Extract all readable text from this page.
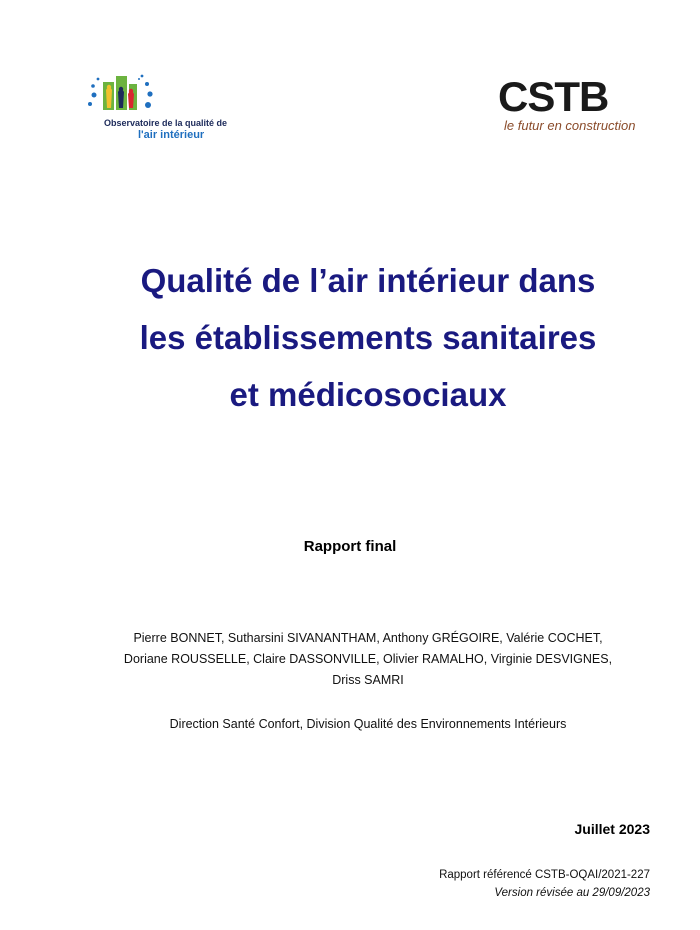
Observatoire de la qualité de
l'air intérieur
CSTB
le futur en construction
Qualité de l’air intérieur dans
les établissements sanitaires
et médicosociaux
Rapport final
Pierre BONNET, Sutharsini SIVANANTHAM, Anthony GRÉGOIRE, Valérie COCHET,
Doriane ROUSSELLE, Claire DASSONVILLE, Olivier RAMALHO, Virginie DESVIGNES,
Driss SAMRI
Direction Santé Confort, Division Qualité des Environnements Intérieurs
Juillet 2023
Rapport référencé CSTB-OQAI/2021-227
Version révisée au 29/09/2023
